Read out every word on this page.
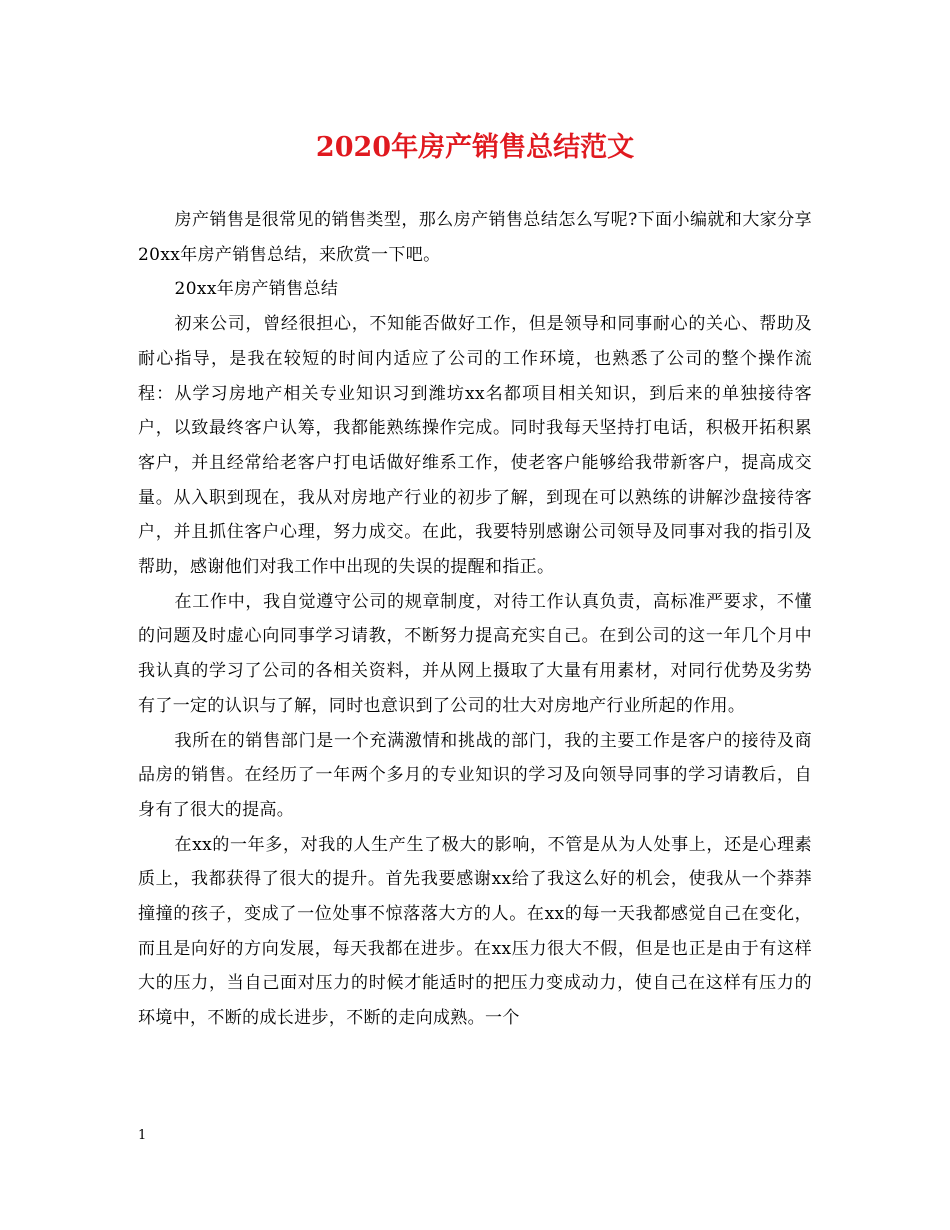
2020年房产销售总结范文

房产销售是很常见的销售类型，那么房产销售总结怎么写呢?下面小编就和大家分享20xx年房产销售总结，来欣赏一下吧。

20xx年房产销售总结

初来公司，曾经很担心，不知能否做好工作，但是领导和同事耐心的关心、帮助及耐心指导，是我在较短的时间内适应了公司的工作环境，也熟悉了公司的整个操作流程：从学习房地产相关专业知识习到潍坊xx名都项目相关知识，到后来的单独接待客户，以致最终客户认筹，我都能熟练操作完成。同时我每天坚持打电话，积极开拓积累客户，并且经常给老客户打电话做好维系工作，使老客户能够给我带新客户，提高成交量。从入职到现在，我从对房地产行业的初步了解，到现在可以熟练的讲解沙盘接待客户，并且抓住客户心理，努力成交。在此，我要特别感谢公司领导及同事对我的指引及帮助，感谢他们对我工作中出现的失误的提醒和指正。

在工作中，我自觉遵守公司的规章制度，对待工作认真负责，高标准严要求，不懂的问题及时虚心向同事学习请教，不断努力提高充实自己。在到公司的这一年几个月中我认真的学习了公司的各相关资料，并从网上摄取了大量有用素材，对同行优势及劣势有了一定的认识与了解，同时也意识到了公司的壮大对房地产行业所起的作用。

我所在的销售部门是一个充满激情和挑战的部门，我的主要工作是客户的接待及商品房的销售。在经历了一年两个多月的专业知识的学习及向领导同事的学习请教后，自身有了很大的提高。

在xx的一年多，对我的人生产生了极大的影响，不管是从为人处事上，还是心理素质上，我都获得了很大的提升。首先我要感谢xx给了我这么好的机会，使我从一个莽莽撞撞的孩子，变成了一位处事不惊落落大方的人。在xx的每一天我都感觉自己在变化，而且是向好的方向发展，每天我都在进步。在xx压力很大不假，但是也正是由于有这样大的压力，当自己面对压力的时候才能适时的把压力变成动力，使自己在这样有压力的环境中，不断的成长进步，不断的走向成熟。一个

1
